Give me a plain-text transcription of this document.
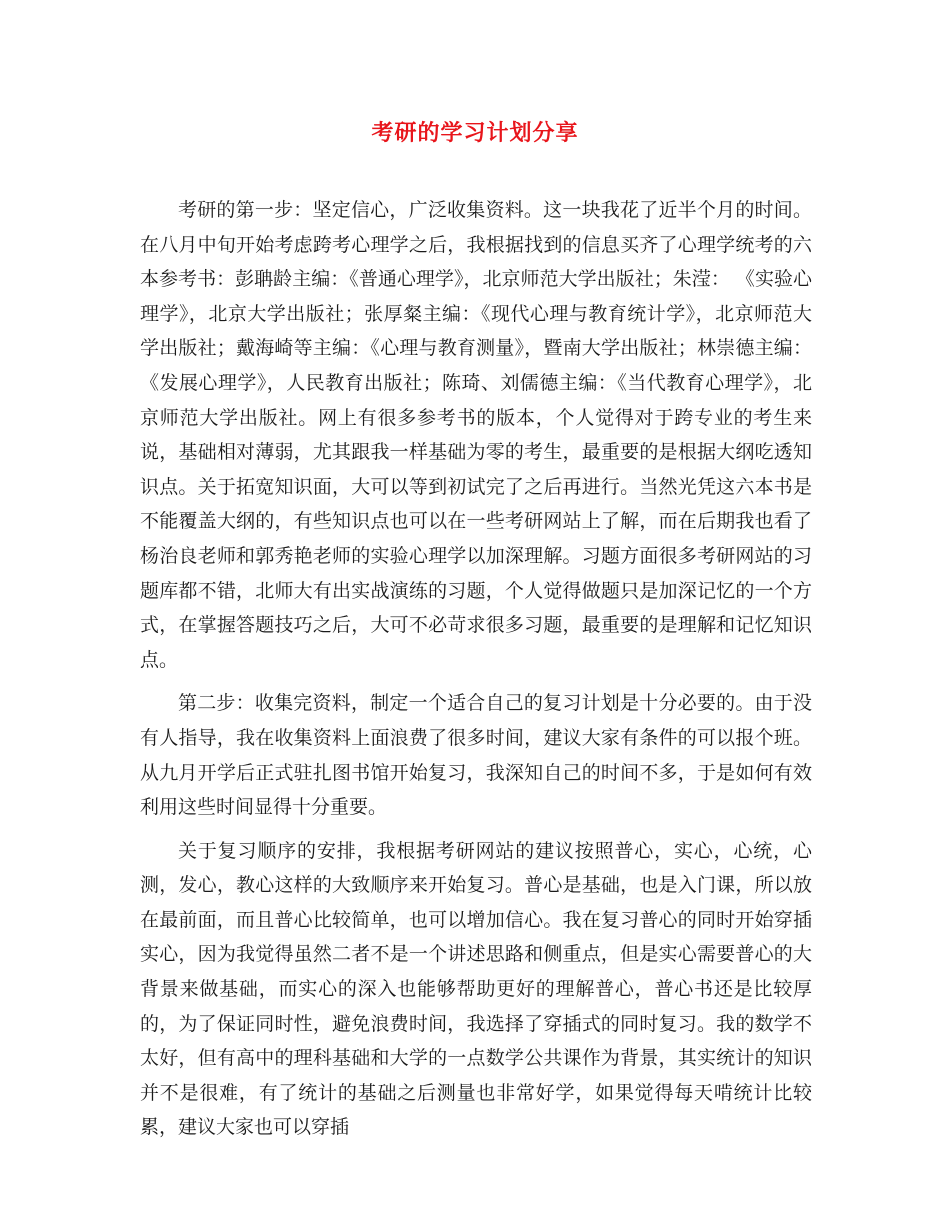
考研的学习计划分享

考研的第一步：坚定信心，广泛收集资料。这一块我花了近半个月的时间。在八月中旬开始考虑跨考心理学之后，我根据找到的信息买齐了心理学统考的六本参考书：彭聃龄主编：《普通心理学》，北京师范大学出版社；朱滢： 《实验心理学》，北京大学出版社；张厚粲主编：《现代心理与教育统计学》，北京师范大学出版社；戴海崎等主编：《心理与教育测量》，暨南大学出版社；林崇德主编：《发展心理学》，人民教育出版社；陈琦、刘儒德主编：《当代教育心理学》，北京师范大学出版社。网上有很多参考书的版本，个人觉得对于跨专业的考生来说，基础相对薄弱，尤其跟我一样基础为零的考生，最重要的是根据大纲吃透知识点。关于拓宽知识面，大可以等到初试完了之后再进行。当然光凭这六本书是不能覆盖大纲的，有些知识点也可以在一些考研网站上了解，而在后期我也看了杨治良老师和郭秀艳老师的实验心理学以加深理解。习题方面很多考研网站的习题库都不错，北师大有出实战演练的习题，个人觉得做题只是加深记忆的一个方式，在掌握答题技巧之后，大可不必苛求很多习题，最重要的是理解和记忆知识点。

第二步：收集完资料，制定一个适合自己的复习计划是十分必要的。由于没有人指导，我在收集资料上面浪费了很多时间，建议大家有条件的可以报个班。从九月开学后正式驻扎图书馆开始复习，我深知自己的时间不多，于是如何有效利用这些时间显得十分重要。

关于复习顺序的安排，我根据考研网站的建议按照普心，实心，心统，心测，发心，教心这样的大致顺序来开始复习。普心是基础，也是入门课，所以放在最前面，而且普心比较简单，也可以增加信心。我在复习普心的同时开始穿插实心，因为我觉得虽然二者不是一个讲述思路和侧重点，但是实心需要普心的大背景来做基础，而实心的深入也能够帮助更好的理解普心，普心书还是比较厚的，为了保证同时性，避免浪费时间，我选择了穿插式的同时复习。我的数学不太好，但有高中的理科基础和大学的一点数学公共课作为背景，其实统计的知识并不是很难，有了统计的基础之后测量也非常好学，如果觉得每天啃统计比较累，建议大家也可以穿插
